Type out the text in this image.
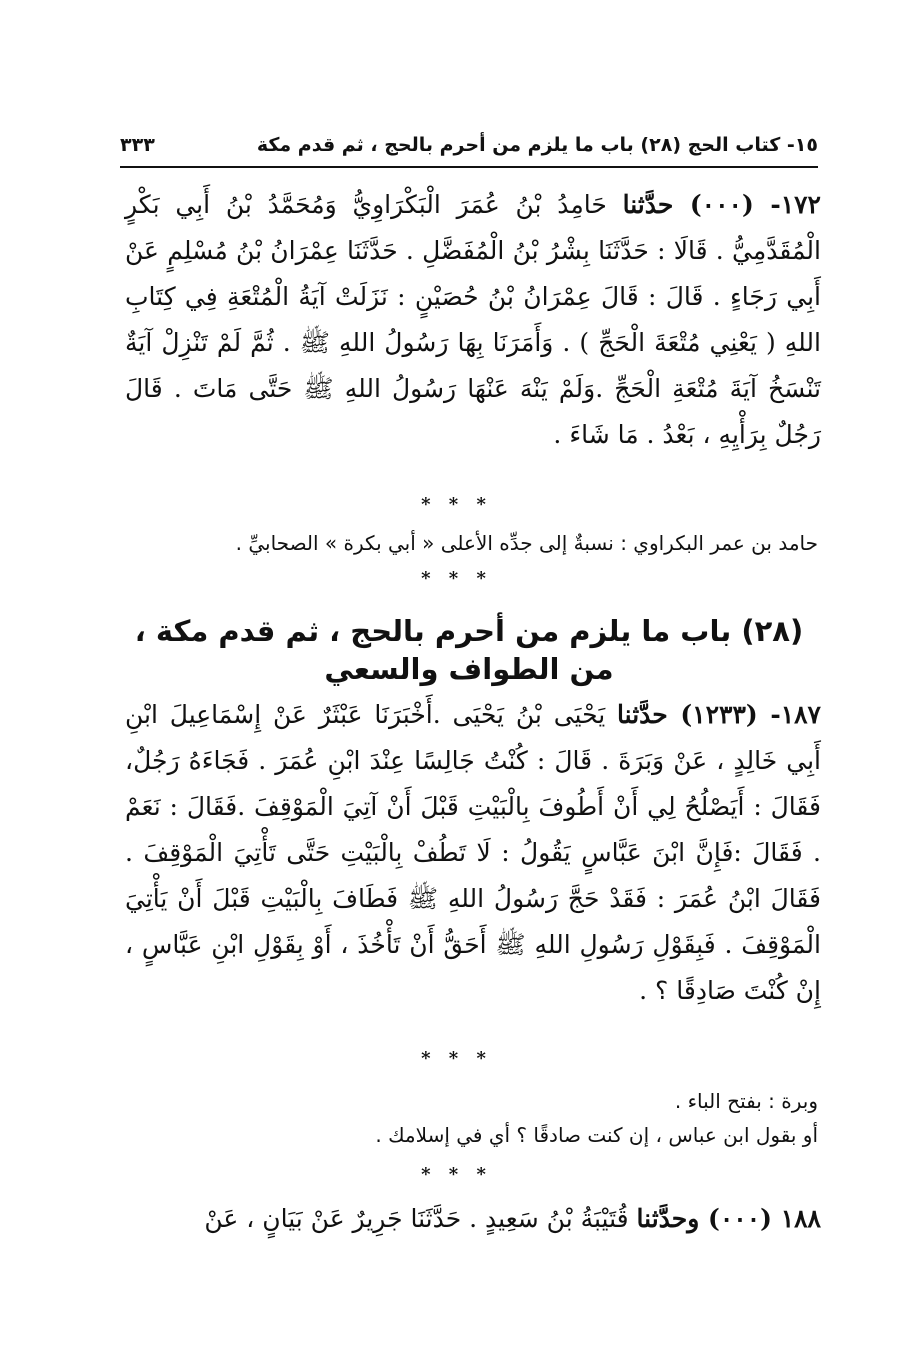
١٥- كتاب الحج (٢٨) باب ما يلزم من أحرم بالحج ، ثم قدم مكة
٣٣٣

١٧٢- (٠٠٠) حدَّثنا حَامِدُ بْنُ عُمَرَ الْبَكْرَاوِيُّ وَمُحَمَّدُ بْنُ أَبِي بَكْرٍ الْمُقَدَّمِيُّ . قَالَا : حَدَّثَنَا بِشْرُ بْنُ الْمُفَضَّلِ . حَدَّثَنَا عِمْرَانُ بْنُ مُسْلِمٍ عَنْ أَبِي رَجَاءٍ . قَالَ : قَالَ عِمْرَانُ بْنُ حُصَيْنٍ : نَزَلَتْ آيَةُ الْمُتْعَةِ فِي كِتَابِ اللهِ ( يَعْنِي مُتْعَةَ الْحَجِّ ) . وَأَمَرَنَا بِهَا رَسُولُ اللهِ ﷺ . ثُمَّ لَمْ تَنْزِلْ آيَةٌ تَنْسَخُ آيَةَ مُتْعَةِ الْحَجِّ .وَلَمْ يَنْهَ عَنْهَا رَسُولُ اللهِ ﷺ حَتَّى مَاتَ . قَالَ رَجُلٌ بِرَأْيِهِ ، بَعْدُ . مَا شَاءَ .

* * *
حامد بن عمر البكراوي : نسبةٌ إلى جدِّه الأعلى « أبي بكرة » الصحابيِّ .
* * *
(٢٨) باب ما يلزم من أحرم بالحج ، ثم قدم مكة ،
من الطواف والسعي

١٨٧- (١٢٣٣) حدَّثنا يَحْيَى بْنُ يَحْيَى .أَخْبَرَنَا عَبْثَرٌ عَنْ إِسْمَاعِيلَ ابْنِ أَبِي خَالِدٍ ، عَنْ وَبَرَةَ . قَالَ : كُنْتُ جَالِسًا عِنْدَ ابْنِ عُمَرَ . فَجَاءَهُ رَجُلٌ، فَقَالَ : أَيَصْلُحُ لِي أَنْ أَطُوفَ بِالْبَيْتِ قَبْلَ أَنْ آتِيَ الْمَوْقِفَ .فَقَالَ : نَعَمْ . فَقَالَ :فَإِنَّ ابْنَ عَبَّاسٍ يَقُولُ : لَا تَطُفْ بِالْبَيْتِ حَتَّى تَأْتِيَ الْمَوْقِفَ . فَقَالَ ابْنُ عُمَرَ : فَقَدْ حَجَّ رَسُولُ اللهِ ﷺ فَطَافَ بِالْبَيْتِ قَبْلَ أَنْ يَأْتِيَ الْمَوْقِفَ . فَبِقَوْلِ رَسُولِ اللهِ ﷺ أَحَقُّ أَنْ تَأْخُذَ ، أَوْ بِقَوْلِ ابْنِ عَبَّاسٍ ، إِنْ كُنْتَ صَادِقًا ؟ .

* * *
وبرة : بفتح الباء .
أو بقول ابن عباس ، إن كنت صادقًا ؟ أي في إسلامك .
* * *

١٨٨ (٠٠٠) وحدَّثنا قُتَيْبَةُ بْنُ سَعِيدٍ . حَدَّثَنَا جَرِيرٌ عَنْ بَيَانٍ ، عَنْ
